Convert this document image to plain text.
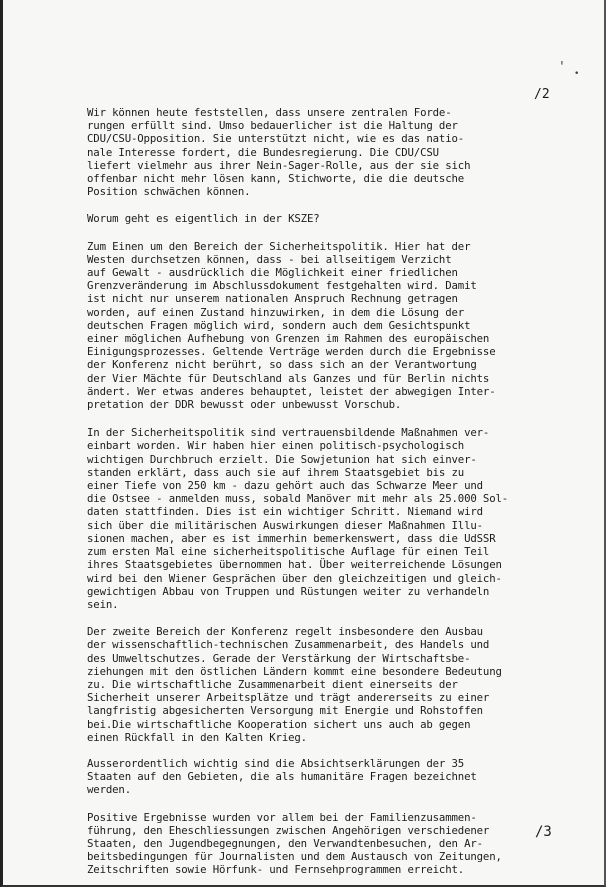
' •
/2

Wir können heute feststellen, dass unsere zentralen Forde-
rungen erfüllt sind. Umso bedauerlicher ist die Haltung der
CDU/CSU-Opposition. Sie unterstützt nicht, wie es das natio-
nale Interesse fordert, die Bundesregierung. Die CDU/CSU
liefert vielmehr aus ihrer Nein-Sager-Rolle, aus der sie sich
offenbar nicht mehr lösen kann, Stichworte, die die deutsche
Position schwächen können.

Worum geht es eigentlich in der KSZE?

Zum Einen um den Bereich der Sicherheitspolitik. Hier hat der
Westen durchsetzen können, dass - bei allseitigem Verzicht
auf Gewalt - ausdrücklich die Möglichkeit einer friedlichen
Grenzveränderung im Abschlussdokument festgehalten wird. Damit
ist nicht nur unserem nationalen Anspruch Rechnung getragen
worden, auf einen Zustand hinzuwirken, in dem die Lösung der
deutschen Fragen möglich wird, sondern auch dem Gesichtspunkt
einer möglichen Aufhebung von Grenzen im Rahmen des europäischen
Einigungsprozesses. Geltende Verträge werden durch die Ergebnisse
der Konferenz nicht berührt, so dass sich an der Verantwortung
der Vier Mächte für Deutschland als Ganzes und für Berlin nichts
ändert. Wer etwas anderes behauptet, leistet der abwegigen Inter-
pretation der DDR bewusst oder unbewusst Vorschub.

In der Sicherheitspolitik sind vertrauensbildende Maßnahmen ver-
einbart worden. Wir haben hier einen politisch-psychologisch
wichtigen Durchbruch erzielt. Die Sowjetunion hat sich einver-
standen erklärt, dass auch sie auf ihrem Staatsgebiet bis zu
einer Tiefe von 250 km - dazu gehört auch das Schwarze Meer und
die Ostsee - anmelden muss, sobald Manöver mit mehr als 25.000 Sol-
daten stattfinden. Dies ist ein wichtiger Schritt. Niemand wird
sich über die militärischen Auswirkungen dieser Maßnahmen Illu-
sionen machen, aber es ist immerhin bemerkenswert, dass die UdSSR
zum ersten Mal eine sicherheitspolitische Auflage für einen Teil
ihres Staatsgebietes übernommen hat. Über weiterreichende Lösungen
wird bei den Wiener Gesprächen über den gleichzeitigen und gleich-
gewichtigen Abbau von Truppen und Rüstungen weiter zu verhandeln
sein.

Der zweite Bereich der Konferenz regelt insbesondere den Ausbau
der wissenschaftlich-technischen Zusammenarbeit, des Handels und
des Umweltschutzes. Gerade der Verstärkung der Wirtschaftsbe-
ziehungen mit den östlichen Ländern kommt eine besondere Bedeutung
zu. Die wirtschaftliche Zusammenarbeit dient einerseits der
Sicherheit unserer Arbeitsplätze und trägt andererseits zu einer
langfristig abgesicherten Versorgung mit Energie und Rohstoffen
bei.Die wirtschaftliche Kooperation sichert uns auch ab gegen
einen Rückfall in den Kalten Krieg.

Ausserordentlich wichtig sind die Absichtserklärungen der 35
Staaten auf den Gebieten, die als humanitäre Fragen bezeichnet
werden.

Positive Ergebnisse wurden vor allem bei der Familienzusammen-
führung, den Eheschliessungen zwischen Angehörigen verschiedener
Staaten, den Jugendbegegnungen, den Verwandtenbesuchen, den Ar-
beitsbedingungen für Journalisten und dem Austausch von Zeitungen,
Zeitschriften sowie Hörfunk- und Fernsehprogrammen erreicht.

/3
